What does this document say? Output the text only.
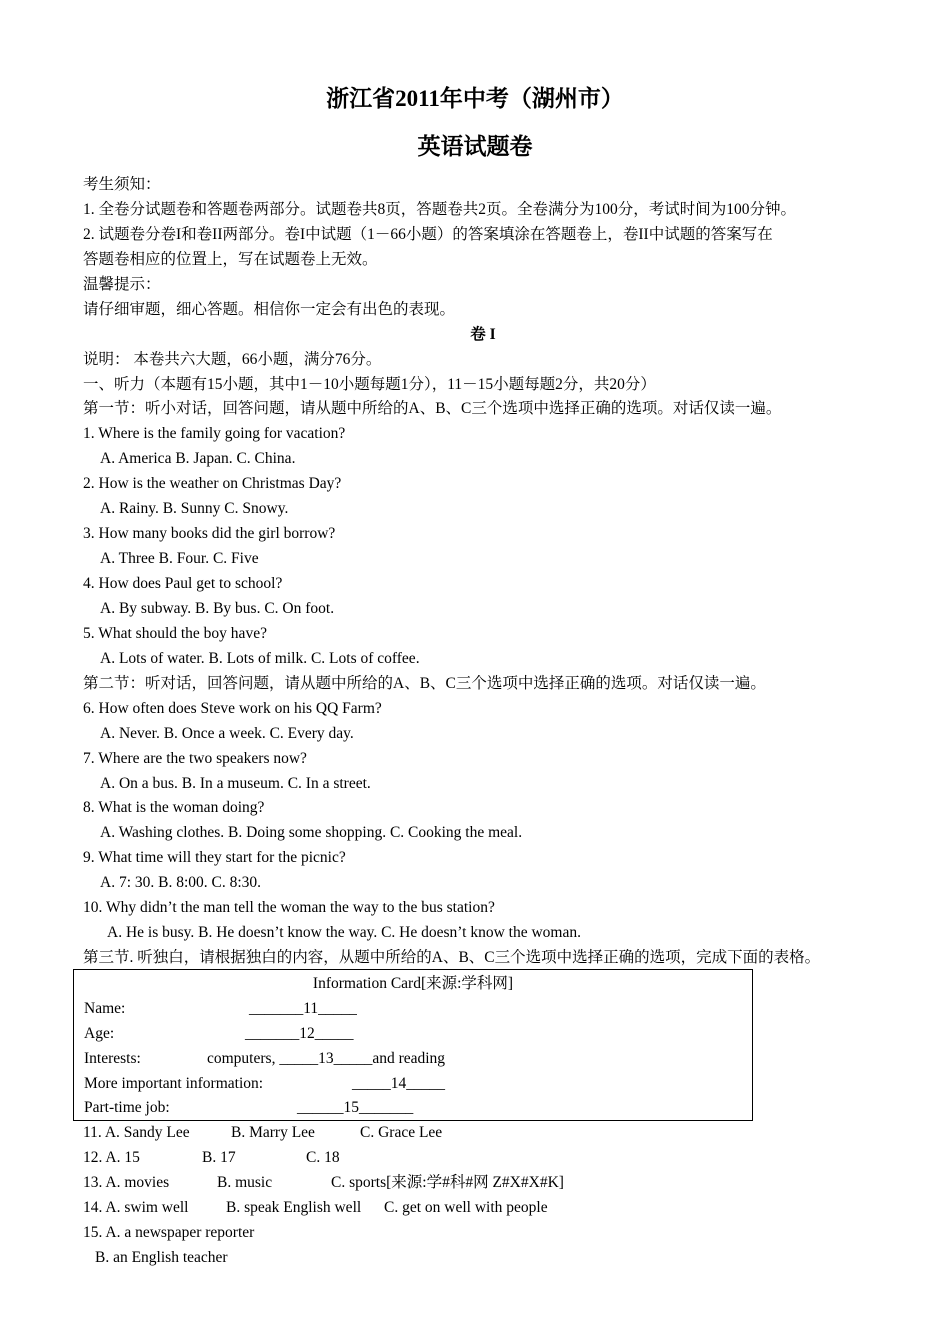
浙江省2011年中考（湖州市）
英语试题卷
考生须知：
1. 全卷分试题卷和答题卷两部分。试题卷共8页，答题卷共2页。全卷满分为100分，考试时间为100分钟。
2. 试题卷分卷I和卷II两部分。卷I中试题（1－66小题）的答案填涂在答题卷上，卷II中试题的答案写在
答题卷相应的位置上，写在试题卷上无效。
温馨提示：
请仔细审题，细心答题。相信你一定会有出色的表现。
卷 I
说明： 本卷共六大题，66小题，满分76分。
一、听力（本题有15小题，其中1－10小题每题1分），11－15小题每题2分，共20分）
第一节：听小对话，回答问题，请从题中所给的A、B、C三个选项中选择正确的选项。对话仅读一遍。
1. Where is the family going for vacation?
A. America B. Japan. C. China.
2. How is the weather on Christmas Day?
A. Rainy. B. Sunny C. Snowy.
3. How many books did the girl borrow?
A. Three B. Four. C. Five
4. How does Paul get to school?
A. By subway. B. By bus. C. On foot.
5. What should the boy have?
A. Lots of water. B. Lots of milk. C. Lots of coffee.
第二节：听对话，回答问题，请从题中所给的A、B、C三个选项中选择正确的选项。对话仅读一遍。
6. How often does Steve work on his QQ Farm?
A. Never. B. Once a week. C. Every day.
7. Where are the two speakers now?
A. On a bus. B. In a museum. C. In a street.
8. What is the woman doing?
A. Washing clothes. B. Doing some shopping. C. Cooking the meal.
9. What time will they start for the picnic?
A. 7: 30. B. 8:00. C. 8:30.
10. Why didn’t the man tell the woman the way to the bus station?
A. He is busy. B. He doesn’t know the way. C. He doesn’t know the woman.
第三节. 听独白，请根据独白的内容，从题中所给的A、B、C三个选项中选择正确的选项，完成下面的表格。
Information Card[来源:学科网]
Name:	_______11_____
Age:	_______12_____
Interests:	computers, _____13_____and reading
More important information:	_____14_____
Part-time job:	______15_______
11. A. Sandy Lee	B. Marry Lee	C. Grace Lee
12. A. 15	B. 17	C. 18
13. A. movies	B. music	C. sports[来源:学#科#网 Z#X#X#K]
14. A. swim well B. speak English well C. get on well with people
15. A. a newspaper reporter
B. an English teacher
